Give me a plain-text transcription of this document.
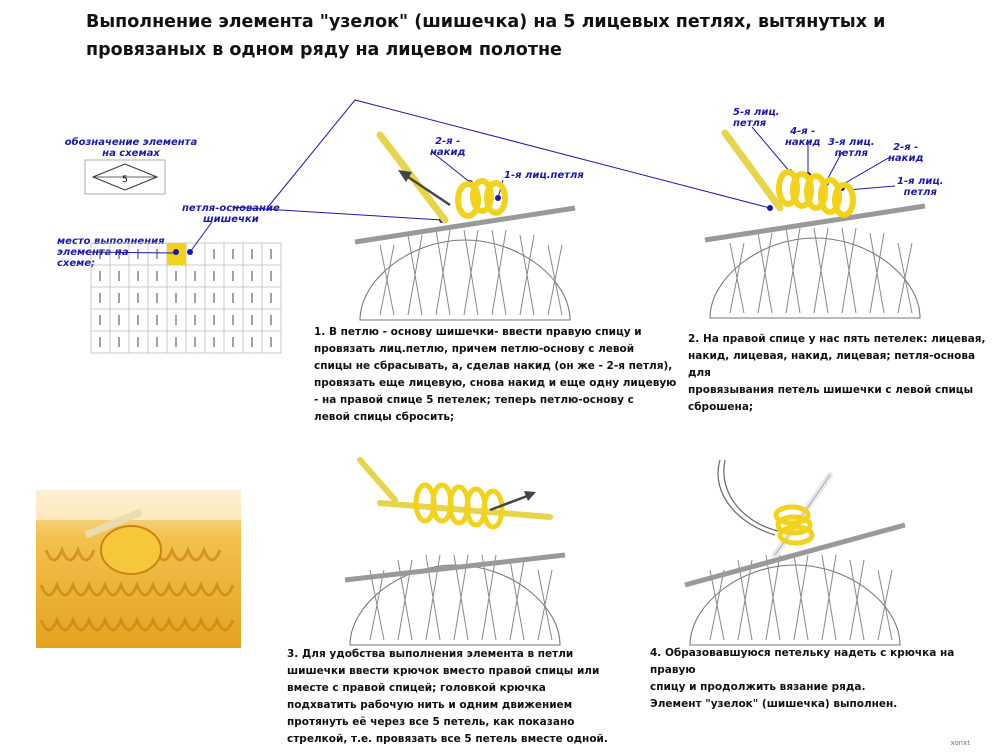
Выполнение элемента "узелок" (шишечка) на 5 лицевых петлях, вытянутых и провязаных в одном ряду на лицевом полотне
обозначение элемента
на схемах
5
петля-основание
шишечки
место выполнения
элемента на
схеме;
2-я -
накид
1-я лиц.петля
1. В петлю - основу шишечки- ввести правую спицу и
провязать лиц.петлю, причем петлю-основу с левой
спицы не сбрасывать, а, сделав накид (он же - 2-я петля),
провязать еще лицевую, снова накид и еще одну лицевую
- на правой спице 5 петелек; теперь петлю-основу с
левой спицы сбросить;
5-я лиц.
петля
4-я -
накид 3-я лиц.
петля
2-я -
накид
1-я лиц.
петля
2. На правой спице у нас пять петелек: лицевая,
накид, лицевая, накид, лицевая; петля-основа для
провязывания петель шишечки с левой спицы
сброшена;
3. Для удобства выполнения элемента в петли
шишечки ввести крючок вместо правой спицы или
вместе с правой спицей; головкой крючка
подхватить рабочую нить и одним движением
протянуть её через все 5 петель, как показано
стрелкой, т.е. провязать все 5 петель вместе одной.
4. Образовавшуюся петельку надеть с крючка на правую
спицу и продолжить вязание ряда.
Элемент "узелок" (шишечка) выполнен.
xonxt
